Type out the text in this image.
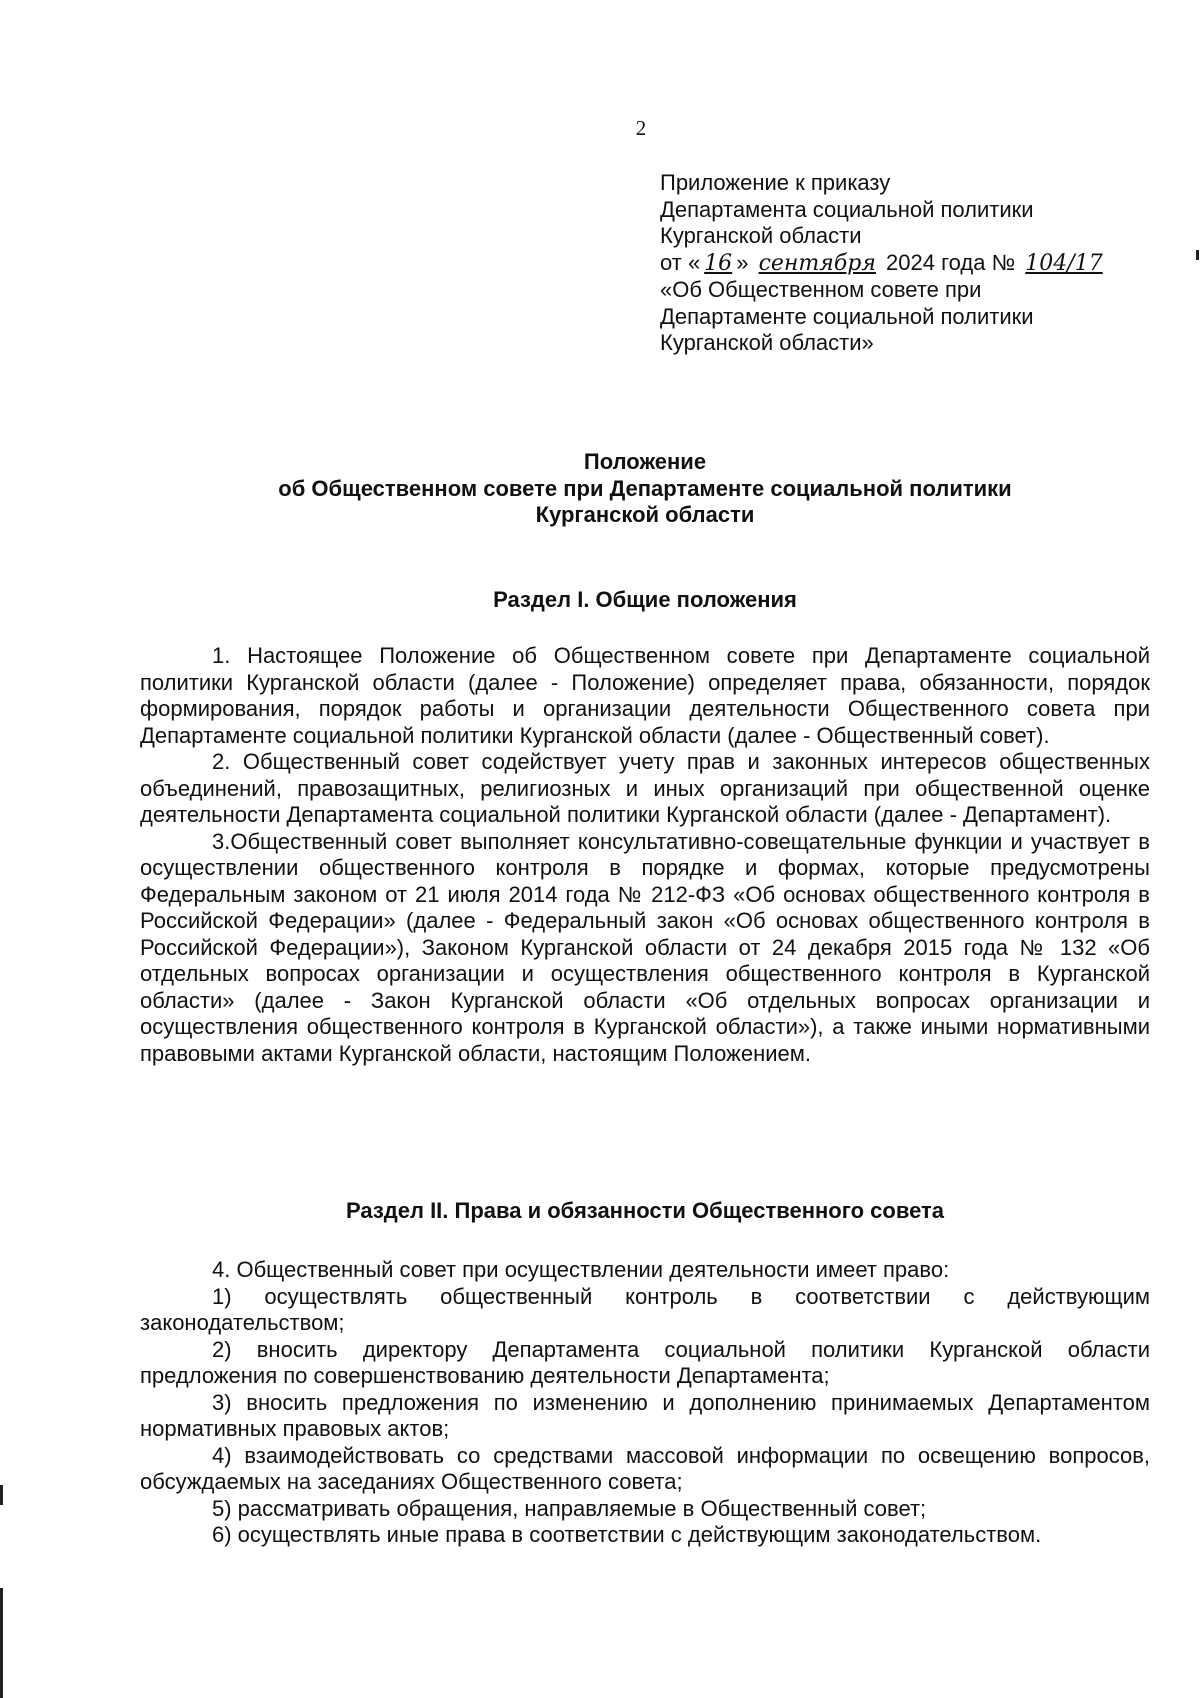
2

Приложение к приказу
Департамента социальной политики
Курганской области
от « 16 » сентября 2024 года № 104/17
«Об Общественном совете при
Департаменте социальной политики
Курганской области»
Положение
об Общественном совете при Департаменте социальной политики
Курганской области
Раздел I. Общие положения

1. Настоящее Положение об Общественном совете при Департаменте социальной политики Курганской области (далее - Положение) определяет права, обязанности, порядок формирования, порядок работы и организации деятельности Общественного совета при Департаменте социальной политики Курганской области (далее - Общественный совет).

2. Общественный совет содействует учету прав и законных интересов общественных объединений, правозащитных, религиозных и иных организаций при общественной оценке деятельности Департамента социальной политики Курганской области (далее - Департамент).

3.Общественный совет выполняет консультативно-совещательные функции и участвует в осуществлении общественного контроля в порядке и формах, которые предусмотрены Федеральным законом от 21 июля 2014 года № 212-ФЗ «Об основах общественного контроля в Российской Федерации» (далее - Федеральный закон «Об основах общественного контроля в Российской Федерации»), Законом Курганской области от 24 декабря 2015 года № 132 «Об отдельных вопросах организации и осуществления общественного контроля в Курганской области» (далее - Закон Курганской области «Об отдельных вопросах организации и осуществления общественного контроля в Курганской области»), а также иными нормативными правовыми актами Курганской области, настоящим Положением.

Раздел II. Права и обязанности Общественного совета

4. Общественный совет при осуществлении деятельности имеет право:

1) осуществлять общественный контроль в соответствии с действующим законодательством;

2) вносить директору Департамента социальной политики Курганской области предложения по совершенствованию деятельности Департамента;

3) вносить предложения по изменению и дополнению принимаемых Департаментом нормативных правовых актов;

4) взаимодействовать со средствами массовой информации по освещению вопросов, обсуждаемых на заседаниях Общественного совета;

5) рассматривать обращения, направляемые в Общественный совет;

6) осуществлять иные права в соответствии с действующим законодательством.
